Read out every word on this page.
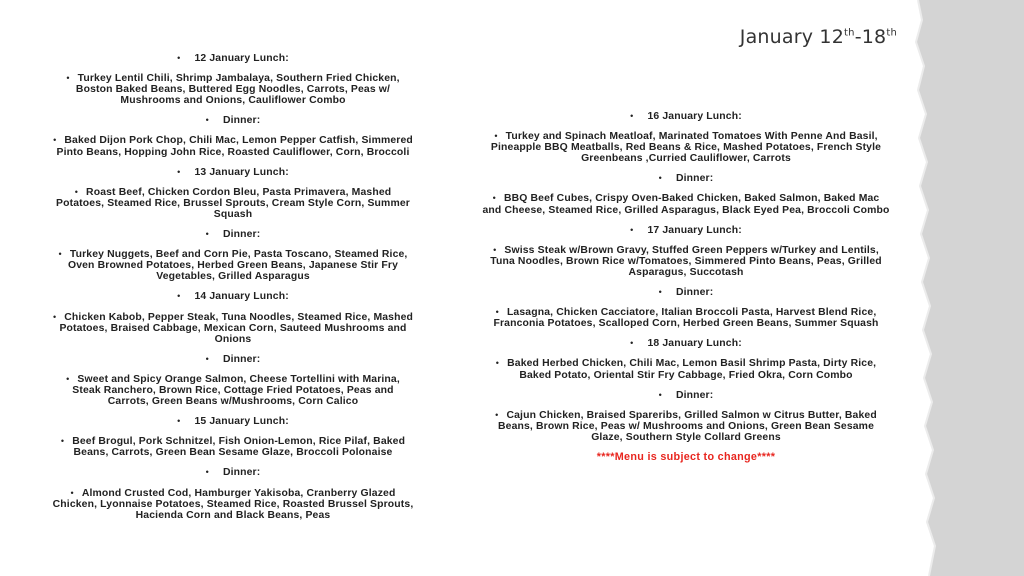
January 12th-18th

• 12 January Lunch:

• Turkey Lentil Chili, Shrimp Jambalaya, Southern Fried Chicken, Boston Baked Beans, Buttered Egg Noodles, Carrots, Peas w/ Mushrooms and Onions, Cauliflower Combo

• Dinner:

• Baked Dijon Pork Chop, Chili Mac, Lemon Pepper Catfish, Simmered Pinto Beans, Hopping John Rice, Roasted Cauliflower, Corn, Broccoli

• 13 January Lunch:

• Roast Beef, Chicken Cordon Bleu, Pasta Primavera, Mashed Potatoes, Steamed Rice, Brussel Sprouts, Cream Style Corn, Summer Squash

• Dinner:

• Turkey Nuggets, Beef and Corn Pie, Pasta Toscano, Steamed Rice, Oven Browned Potatoes, Herbed Green Beans, Japanese Stir Fry Vegetables, Grilled Asparagus

• 14 January Lunch:

• Chicken Kabob, Pepper Steak, Tuna Noodles, Steamed Rice, Mashed Potatoes, Braised Cabbage, Mexican Corn, Sauteed Mushrooms and Onions

• Dinner:

• Sweet and Spicy Orange Salmon, Cheese Tortellini with Marina, Steak Ranchero, Brown Rice, Cottage Fried Potatoes, Peas and Carrots, Green Beans w/Mushrooms, Corn Calico

• 15 January Lunch:

• Beef Brogul, Pork Schnitzel, Fish Onion-Lemon, Rice Pilaf, Baked Beans, Carrots, Green Bean Sesame Glaze, Broccoli Polonaise

• Dinner:

• Almond Crusted Cod, Hamburger Yakisoba, Cranberry Glazed Chicken, Lyonnaise Potatoes, Steamed Rice, Roasted Brussel Sprouts, Hacienda Corn and Black Beans, Peas

• 16 January Lunch:

• Turkey and Spinach Meatloaf, Marinated Tomatoes With Penne And Basil, Pineapple BBQ Meatballs, Red Beans & Rice, Mashed Potatoes, French Style Greenbeans ,Curried Cauliflower, Carrots

• Dinner:

• BBQ Beef Cubes, Crispy Oven-Baked Chicken, Baked Salmon, Baked Mac and Cheese, Steamed Rice, Grilled Asparagus, Black Eyed Pea, Broccoli Combo

• 17 January Lunch:

• Swiss Steak w/Brown Gravy, Stuffed Green Peppers w/Turkey and Lentils, Tuna Noodles, Brown Rice w/Tomatoes, Simmered Pinto Beans, Peas, Grilled Asparagus, Succotash

• Dinner:

• Lasagna, Chicken Cacciatore, Italian Broccoli Pasta, Harvest Blend Rice, Franconia Potatoes, Scalloped Corn, Herbed Green Beans, Summer Squash

• 18 January Lunch:

• Baked Herbed Chicken, Chili Mac, Lemon Basil Shrimp Pasta, Dirty Rice, Baked Potato, Oriental Stir Fry Cabbage, Fried Okra, Corn Combo

• Dinner:

• Cajun Chicken, Braised Spareribs, Grilled Salmon w Citrus Butter, Baked Beans, Brown Rice, Peas w/ Mushrooms and Onions, Green Bean Sesame Glaze, Southern Style Collard Greens

****Menu is subject to change****
